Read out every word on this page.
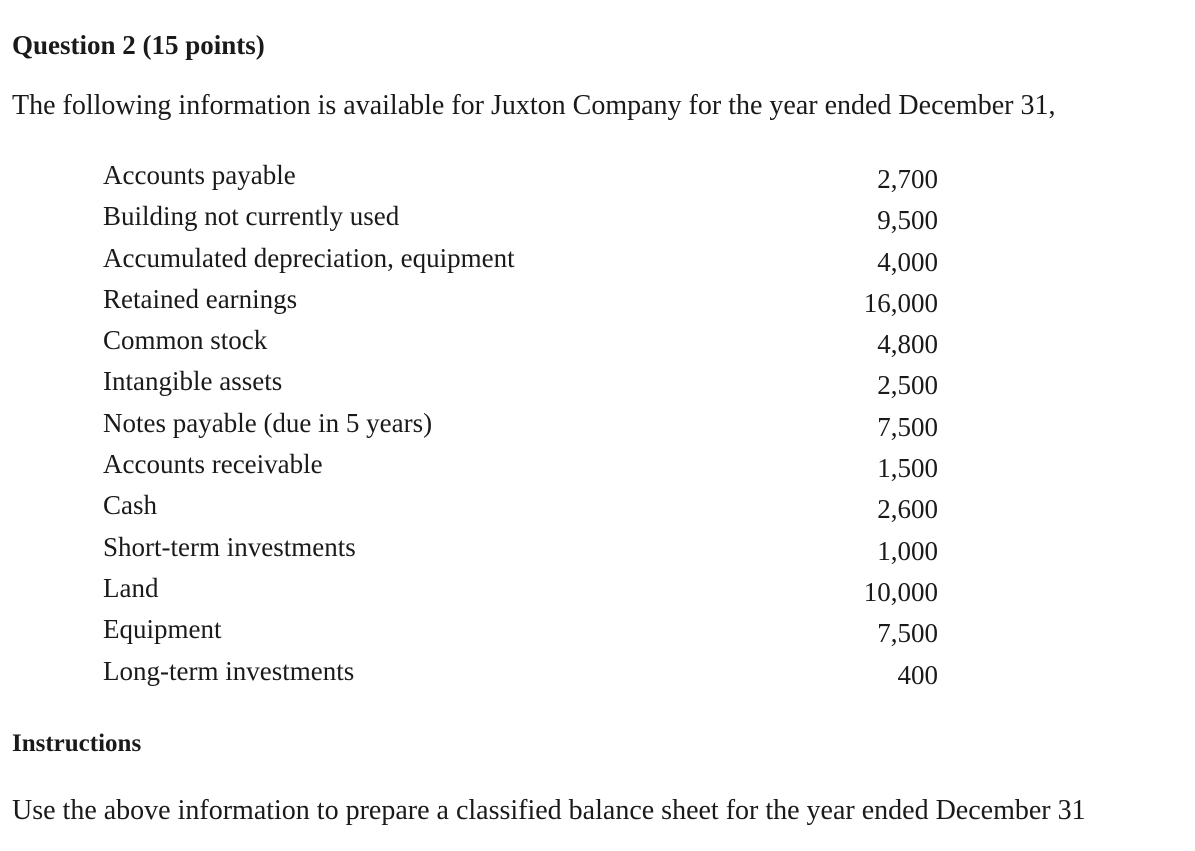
Question 2 (15 points)
The following information is available for Juxton Company for the year ended December 31,
Accounts payable	2,700
Building not currently used	9,500
Accumulated depreciation, equipment	4,000
Retained earnings	16,000
Common stock	4,800
Intangible assets	2,500
Notes payable (due in 5 years)	7,500
Accounts receivable	1,500
Cash	2,600
Short-term investments	1,000
Land	10,000
Equipment	7,500
Long-term investments	400
Instructions
Use the above information to prepare a classified balance sheet for the year ended December 31
